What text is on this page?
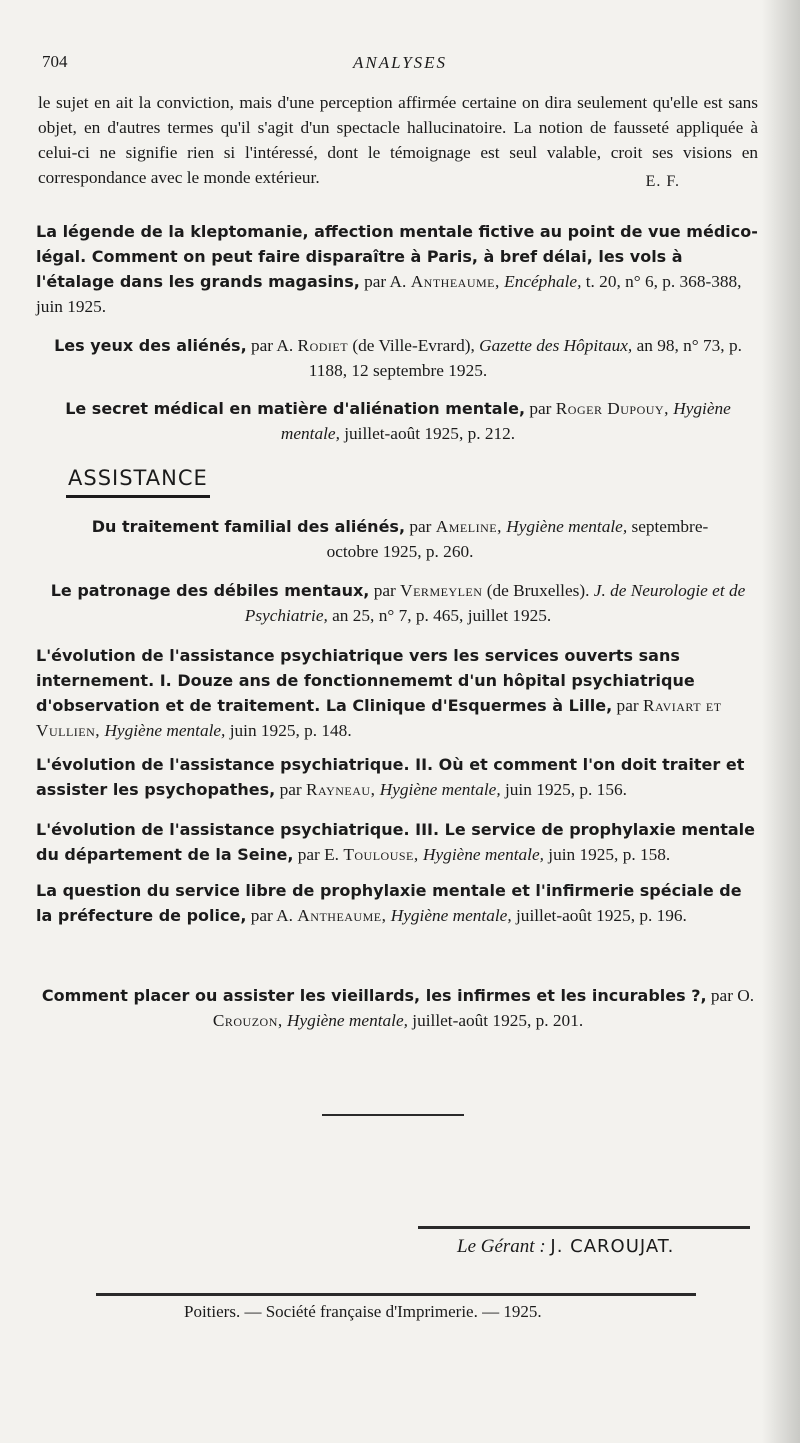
704	ANALYSES
le sujet en ait la conviction, mais d'une perception affirmée certaine on dira seulement qu'elle est sans objet, en d'autres termes qu'il s'agit d'un spectacle hallucinatoire. La notion de fausseté appliquée à celui-ci ne signifie rien si l'intéressé, dont le témoignage est seul valable, croit ses visions en correspondance avec le monde extérieur.	E. F.
La légende de la kleptomanie, affection mentale fictive au point de vue médico-légal. Comment on peut faire disparaître à Paris, à bref délai, les vols à l'étalage dans les grands magasins, par A. Antheaume, Encéphale, t. 20, n° 6, p. 368-388, juin 1925.
Les yeux des aliénés, par A. Rodiet (de Ville-Evrard), Gazette des Hôpitaux, an 98, n° 73, p. 1188, 12 septembre 1925.
Le secret médical en matière d'aliénation mentale, par Roger Dupouy, Hygiène mentale, juillet-août 1925, p. 212.
ASSISTANCE
Du traitement familial des aliénés, par Ameline, Hygiène mentale, septembre-octobre 1925, p. 260.
Le patronage des débiles mentaux, par Vermeylen (de Bruxelles). J. de Neurologie et de Psychiatrie, an 25, n° 7, p. 465, juillet 1925.
L'évolution de l'assistance psychiatrique vers les services ouverts sans internement. I. Douze ans de fonctionnememt d'un hôpital psychiatrique d'observation et de traitement. La Clinique d'Esquermes à Lille, par Raviart et Vullien, Hygiène mentale, juin 1925, p. 148.
L'évolution de l'assistance psychiatrique. II. Où et comment l'on doit traiter et assister les psychopathes, par Rayneau, Hygiène mentale, juin 1925, p. 156.
L'évolution de l'assistance psychiatrique. III. Le service de prophylaxie mentale du département de la Seine, par E. Toulouse, Hygiène mentale, juin 1925, p. 158.
La question du service libre de prophylaxie mentale et l'infirmerie spéciale de la préfecture de police, par A. Antheaume, Hygiène mentale, juillet-août 1925, p. 196.
Comment placer ou assister les vieillards, les infirmes et les incurables ?, par O. Crouzon, Hygiène mentale, juillet-août 1925, p. 201.
Le Gérant : J. CAROUJAT.
Poitiers. — Société française d'Imprimerie. — 1925.
